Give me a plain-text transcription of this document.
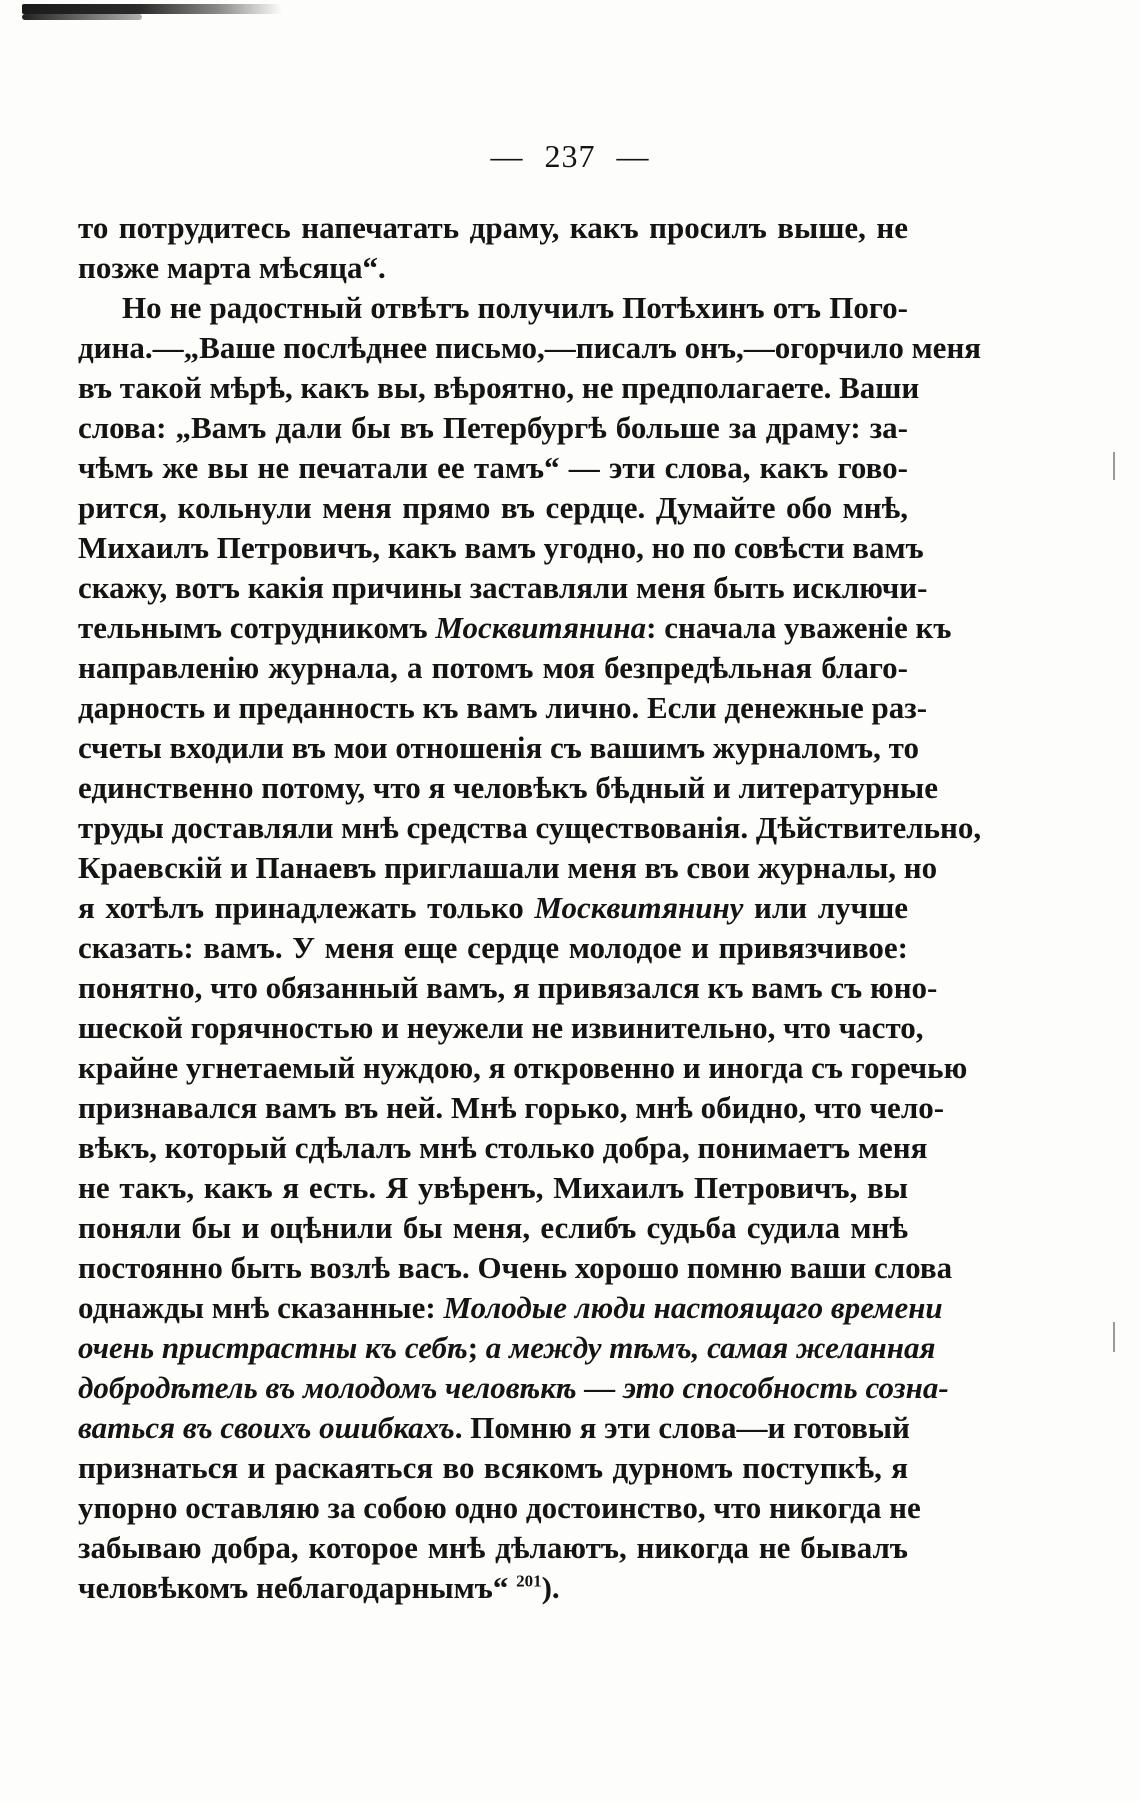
— 237 —
то потрудитесь напечатать драму, какъ просилъ выше, не
позже марта мѣсяца“.
Но не радостный отвѣтъ получилъ Потѣхинъ отъ Пого-
дина.—„Ваше послѣднее письмо,—писалъ онъ,—огорчило меня
въ такой мѣрѣ, какъ вы, вѣроятно, не предполагаете. Ваши
слова: „Вамъ дали бы въ Петербургѣ больше за драму: за-
чѣмъ же вы не печатали ее тамъ“ — эти слова, какъ гово-
рится, кольнули меня прямо въ сердце. Думайте обо мнѣ,
Михаилъ Петровичъ, какъ вамъ угодно, но по совѣсти вамъ
скажу, вотъ какія причины заставляли меня быть исключи-
тельнымъ сотрудникомъ Москвитянина: сначала уваженіе къ
направленію журнала, а потомъ моя безпредѣльная благо-
дарность и преданность къ вамъ лично. Если денежные раз-
счеты входили въ мои отношенія съ вашимъ журналомъ, то
единственно потому, что я человѣкъ бѣдный и литературные
труды доставляли мнѣ средства существованія. Дѣйствительно,
Краевскій и Панаевъ приглашали меня въ свои журналы, но
я хотѣлъ принадлежать только Москвитянину или лучше
сказать: вамъ. У меня еще сердце молодое и привязчивое:
понятно, что обязанный вамъ, я привязался къ вамъ съ юно-
шеской горячностью и неужели не извинительно, что часто,
крайне угнетаемый нуждою, я откровенно и иногда съ горечью
признавался вамъ въ ней. Мнѣ горько, мнѣ обидно, что чело-
вѣкъ, который сдѣлалъ мнѣ столько добра, понимаетъ меня
не такъ, какъ я есть. Я увѣренъ, Михаилъ Петровичъ, вы
поняли бы и оцѣнили бы меня, еслибъ судьба судила мнѣ
постоянно быть возлѣ васъ. Очень хорошо помню ваши слова
однажды мнѣ сказанные: Молодые люди настоящаго времени
очень пристрастны къ себѣ; а между тѣмъ, самая желанная
добродѣтель въ молодомъ человѣкѣ — это способность созна-
ваться въ своихъ ошибкахъ. Помню я эти слова—и готовый
признаться и раскаяться во всякомъ дурномъ поступкѣ, я
упорно оставляю за собою одно достоинство, что никогда не
забываю добра, которое мнѣ дѣлаютъ, никогда не бывалъ
человѣкомъ неблагодарнымъ“ $^{201}$).
